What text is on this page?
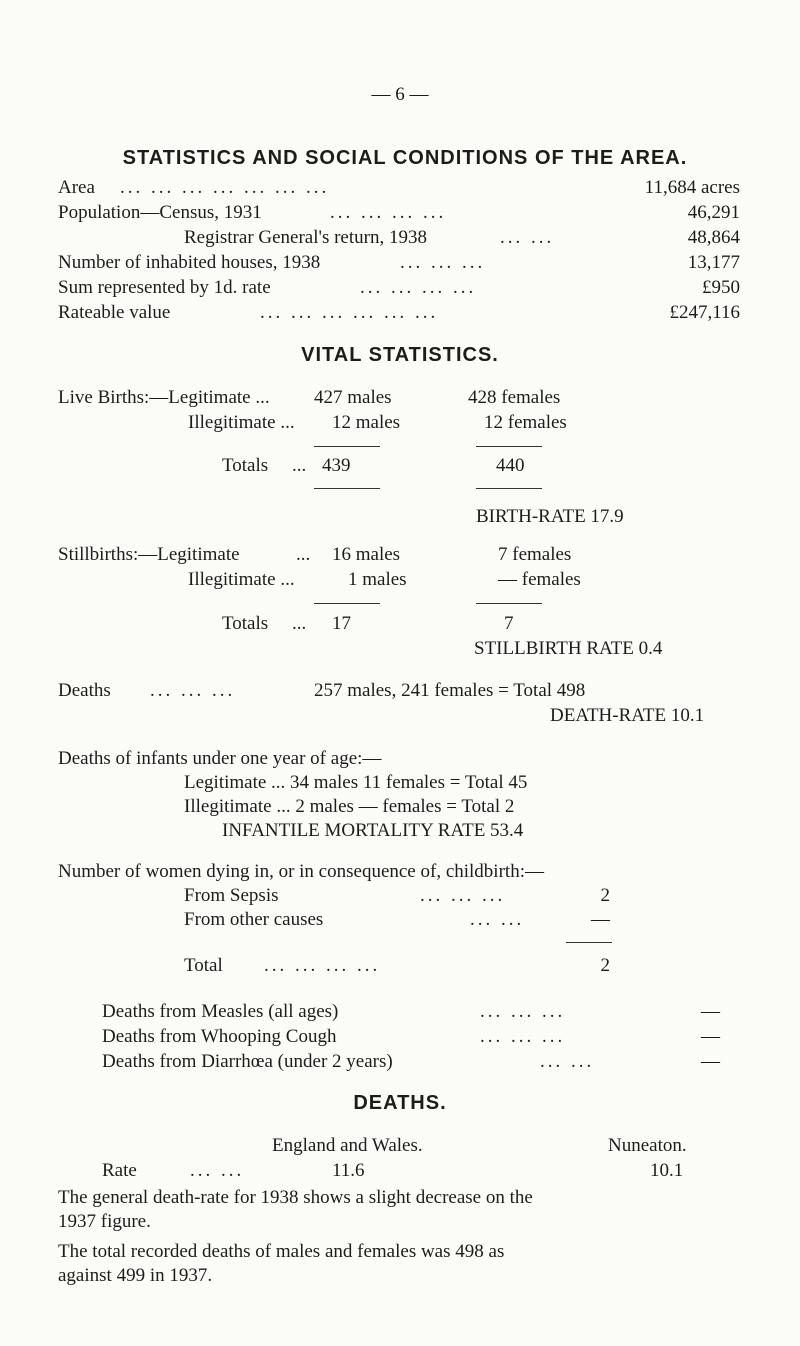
— 6 —
STATISTICS AND SOCIAL CONDITIONS OF THE AREA.
Area ... ... ... ... ... ... ...	11,684 acres
Population—Census, 1931	... ... ... ...	46,291
Registrar General's return, 1938	... ...	48,864
Number of inhabited houses, 1938	... ... ...	13,177
Sum represented by 1d. rate	... ... ... ...	£950
Rateable value	... ... ... ... ... ...	£247,116
VITAL STATISTICS.
Live Births:—Legitimate ... 427 males	428 females
Illegitimate ... 12 males	12 females
Totals ... 439	440
BIRTH-RATE 17.9
Stillbirths:—Legitimate	... 16 males	7 females
Illegitimate ...	1 males	— females
Totals ... 17	7
STILLBIRTH RATE 0.4
Deaths ... ... ...	257 males, 241 females = Total 498
DEATH-RATE 10.1
Deaths of infants under one year of age:—
Legitimate ... 34 males 11 females = Total 45
Illegitimate ... 2 males — females = Total 2
INFANTILE MORTALITY RATE 53.4
Number of women dying in, or in consequence of, childbirth:—
From Sepsis	... ... ...	2
From other causes	... ...	—
Total ... ... ... ...	2
Deaths from Measles (all ages)	... ... ...	—
Deaths from Whooping Cough	... ... ...	—
Deaths from Diarrhœa (under 2 years)	... ...	—
DEATHS.
England and Wales.	Nuneaton.
Rate	... ...	11.6	10.1
The general death-rate for 1938 shows a slight decrease on the
1937 figure.
The total recorded deaths of males and females was 498 as
against 499 in 1937.
